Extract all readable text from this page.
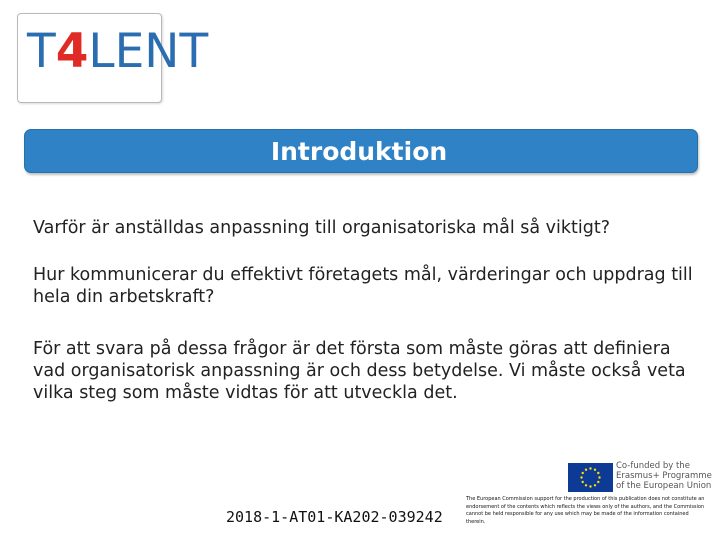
T4LENT
Introduktion

Varför är anställdas anpassning till organisatoriska mål så viktigt?

Hur kommunicerar du effektivt företagets mål, värderingar och uppdrag till hela din arbetskraft?

För att svara på dessa frågor är det första som måste göras att definiera vad organisatorisk anpassning är och dess betydelse. Vi måste också veta vilka steg som måste vidtas för att utveckla det.

Co-funded by the
Erasmus+ Programme
of the European Union
2018-1-AT01-KA202-039242
The European Commission support for the production of this publication does not constitute an endorsement of the contents which reflects the views only of the authors, and the Commission cannot be held responsible for any use which may be made of the information contained therein.
